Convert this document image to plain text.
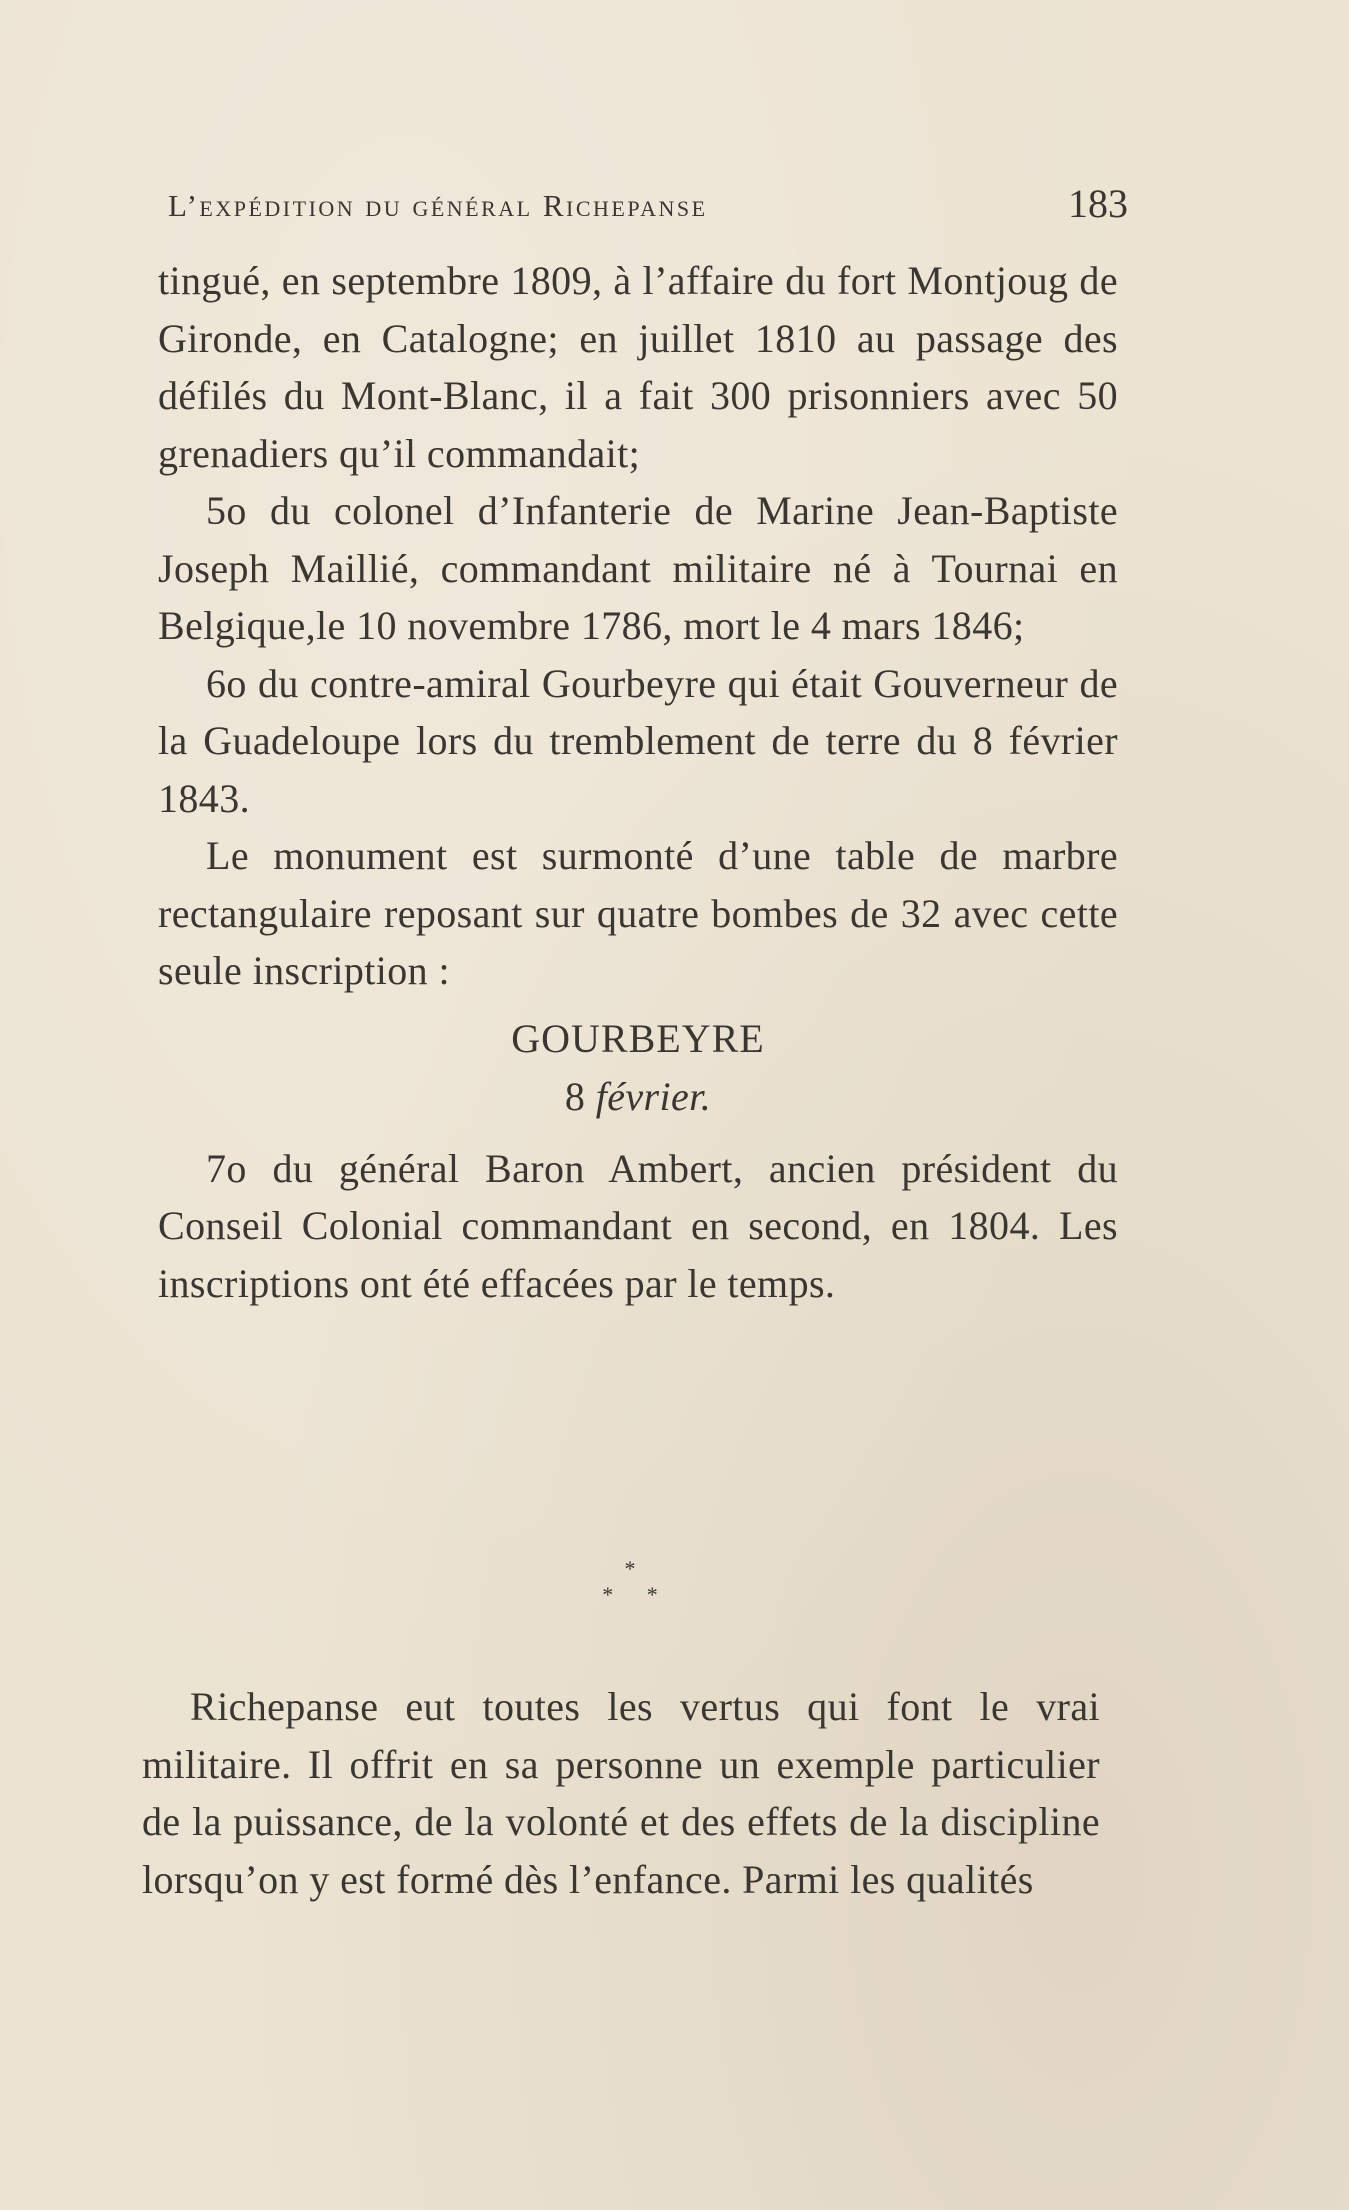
L’expédition du général Richepanse	183

tingué, en septembre 1809, à l’affaire du fort Montjoug de Gironde, en Catalogne; en juillet 1810 au passage des défilés du Mont-Blanc, il a fait 300 prisonniers avec 50 grenadiers qu’il commandait;

5o du colonel d’Infanterie de Marine Jean-Baptiste Joseph Maillié, commandant militaire né à Tournai en Belgique,le 10 novembre 1786, mort le 4 mars 1846;

6o du contre-amiral Gourbeyre qui était Gouverneur de la Guadeloupe lors du tremblement de terre du 8 février 1843.

Le monument est surmonté d’une table de marbre rectangulaire reposant sur quatre bombes de 32 avec cette seule inscription :

GOURBEYRE
8 février.

7o du général Baron Ambert, ancien président du Conseil Colonial commandant en second, en 1804. Les inscriptions ont été effacées par le temps.

*
* *

Richepanse eut toutes les vertus qui font le vrai militaire. Il offrit en sa personne un exemple particulier de la puissance, de la volonté et des effets de la discipline lorsqu’on y est formé dès l’enfance. Parmi les qualités
